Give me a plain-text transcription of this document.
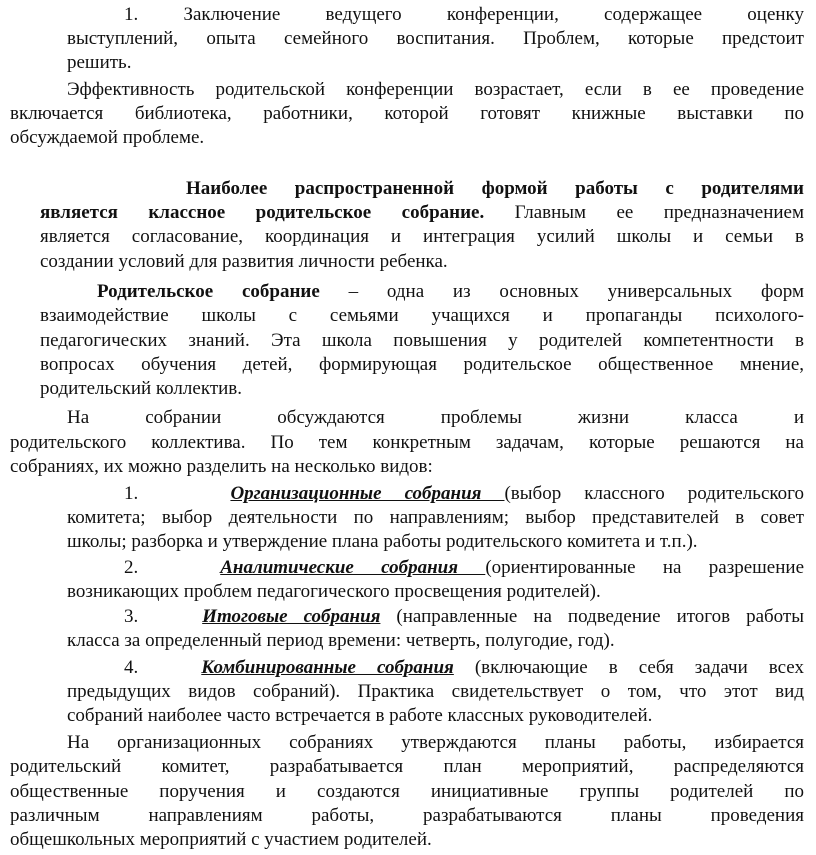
1. Заключение ведущего конференции, содержащее оценку
выступлений, опыта семейного воспитания. Проблем, которые предстоит
решить.
Эффективность родительской конференции возрастает, если в ее проведение
включается библиотека, работники, которой готовят книжные выставки по
обсуждаемой проблеме.
Наиболее распространенной формой работы с родителями
является классное родительское собрание. Главным ее предназначением
является согласование, координация и интеграция усилий школы и семьи в
создании условий для развития личности ребенка.
Родительское собрание – одна из основных универсальных форм
взаимодействие школы с семьями учащихся и пропаганды психолого-
педагогических знаний. Эта школа повышения у родителей компетентности в
вопросах обучения детей, формирующая родительское общественное мнение,
родительский коллектив.
На собрании обсуждаются проблемы жизни класса и
родительского коллектива. По тем конкретным задачам, которые решаются на
собраниях, их можно разделить на несколько видов:
1.	Организационные собрания (выбор классного родительского
комитета; выбор деятельности по направлениям; выбор представителей в совет
школы; разборка и утверждение плана работы родительского комитета и т.п.).
2.	Аналитические собрания (ориентированные на разрешение
возникающих проблем педагогического просвещения родителей).
3.	Итоговые собрания (направленные на подведение итогов работы
класса за определенный период времени: четверть, полугодие, год).
4.	Комбинированные собрания (включающие в себя задачи всех
предыдущих видов собраний). Практика свидетельствует о том, что этот вид
собраний наиболее часто встречается в работе классных руководителей.
На организационных собраниях утверждаются планы работы, избирается
родительский комитет, разрабатывается план мероприятий, распределяются
общественные поручения и создаются инициативные группы родителей по
различным направлениям работы, разрабатываются планы проведения
общешкольных мероприятий с участием родителей.
